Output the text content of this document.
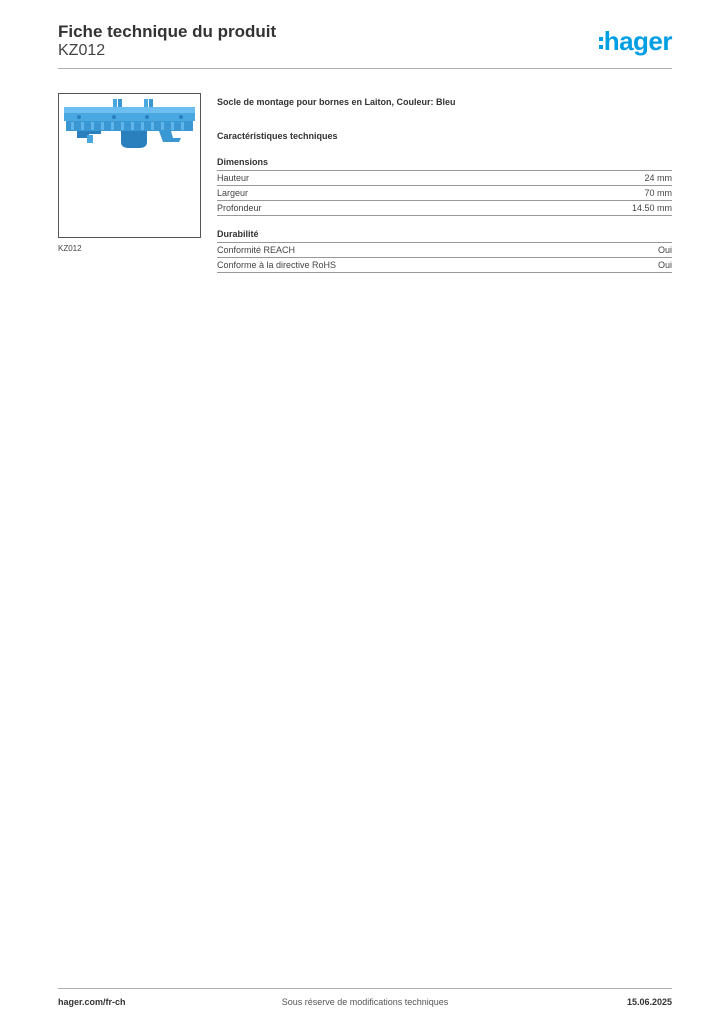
Fiche technique du produit
KZ012	hager
KZ012
Socle de montage pour bornes en Laiton, Couleur: Bleu
Caractéristiques techniques
Dimensions
Hauteur	24 mm
Largeur	70 mm
Profondeur	14.50 mm
Durabilité
Conformité REACH	Oui
Conforme à la directive RoHS	Oui
hager.com/fr-ch	Sous réserve de modifications techniques	15.06.2025
